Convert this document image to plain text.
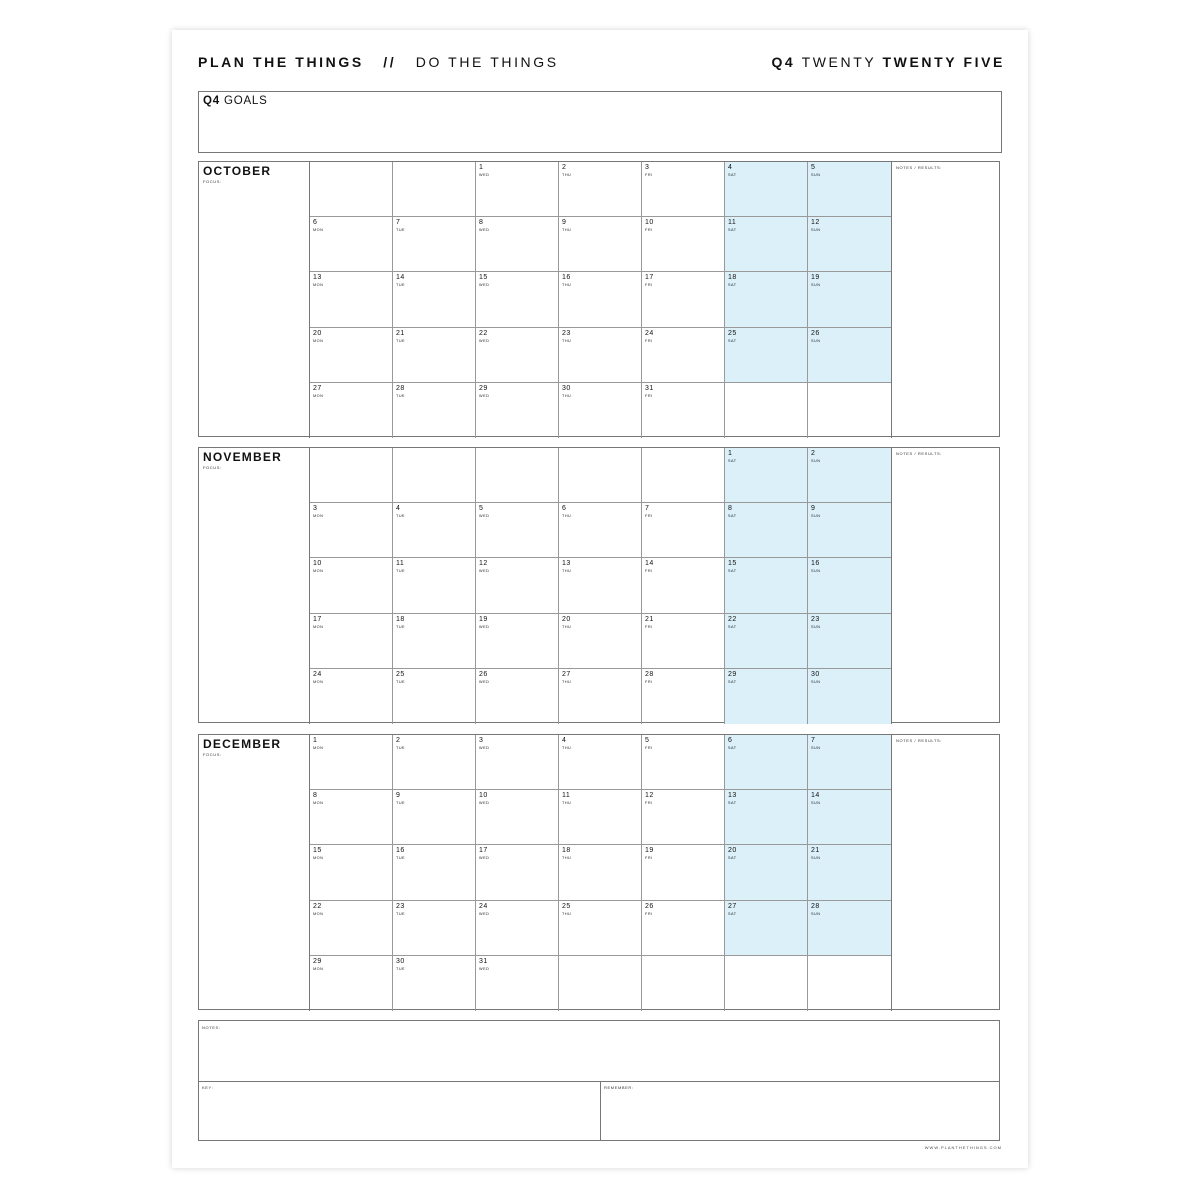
PLAN THE THINGS // DO THE THINGS	Q4 TWENTY TWENTY FIVE
Q4 GOALS
OCTOBER
FOCUS:
1
WED
2
THU
3
FRI
4
SAT
5
SUN
6
MON
7
TUE
8
WED
9
THU
10
FRI
11
SAT
12
SUN
13
MON
14
TUE
15
WED
16
THU
17
FRI
18
SAT
19
SUN
20
MON
21
TUE
22
WED
23
THU
24
FRI
25
SAT
26
SUN
27
MON
28
TUE
29
WED
30
THU
31
FRI
NOTES / RESULTS:
NOVEMBER
FOCUS:
1
SAT
2
SUN
3
MON
4
TUE
5
WED
6
THU
7
FRI
8
SAT
9
SUN
10
MON
11
TUE
12
WED
13
THU
14
FRI
15
SAT
16
SUN
17
MON
18
TUE
19
WED
20
THU
21
FRI
22
SAT
23
SUN
24
MON
25
TUE
26
WED
27
THU
28
FRI
29
SAT
30
SUN
NOTES / RESULTS:
DECEMBER
FOCUS:
1
MON
2
TUE
3
WED
4
THU
5
FRI
6
SAT
7
SUN
8
MON
9
TUE
10
WED
11
THU
12
FRI
13
SAT
14
SUN
15
MON
16
TUE
17
WED
18
THU
19
FRI
20
SAT
21
SUN
22
MON
23
TUE
24
WED
25
THU
26
FRI
27
SAT
28
SUN
29
MON
30
TUE
31
WED
NOTES / RESULTS:
NOTES:
KEY:	REMEMBER:
WWW.PLANTHETHINGS.COM
